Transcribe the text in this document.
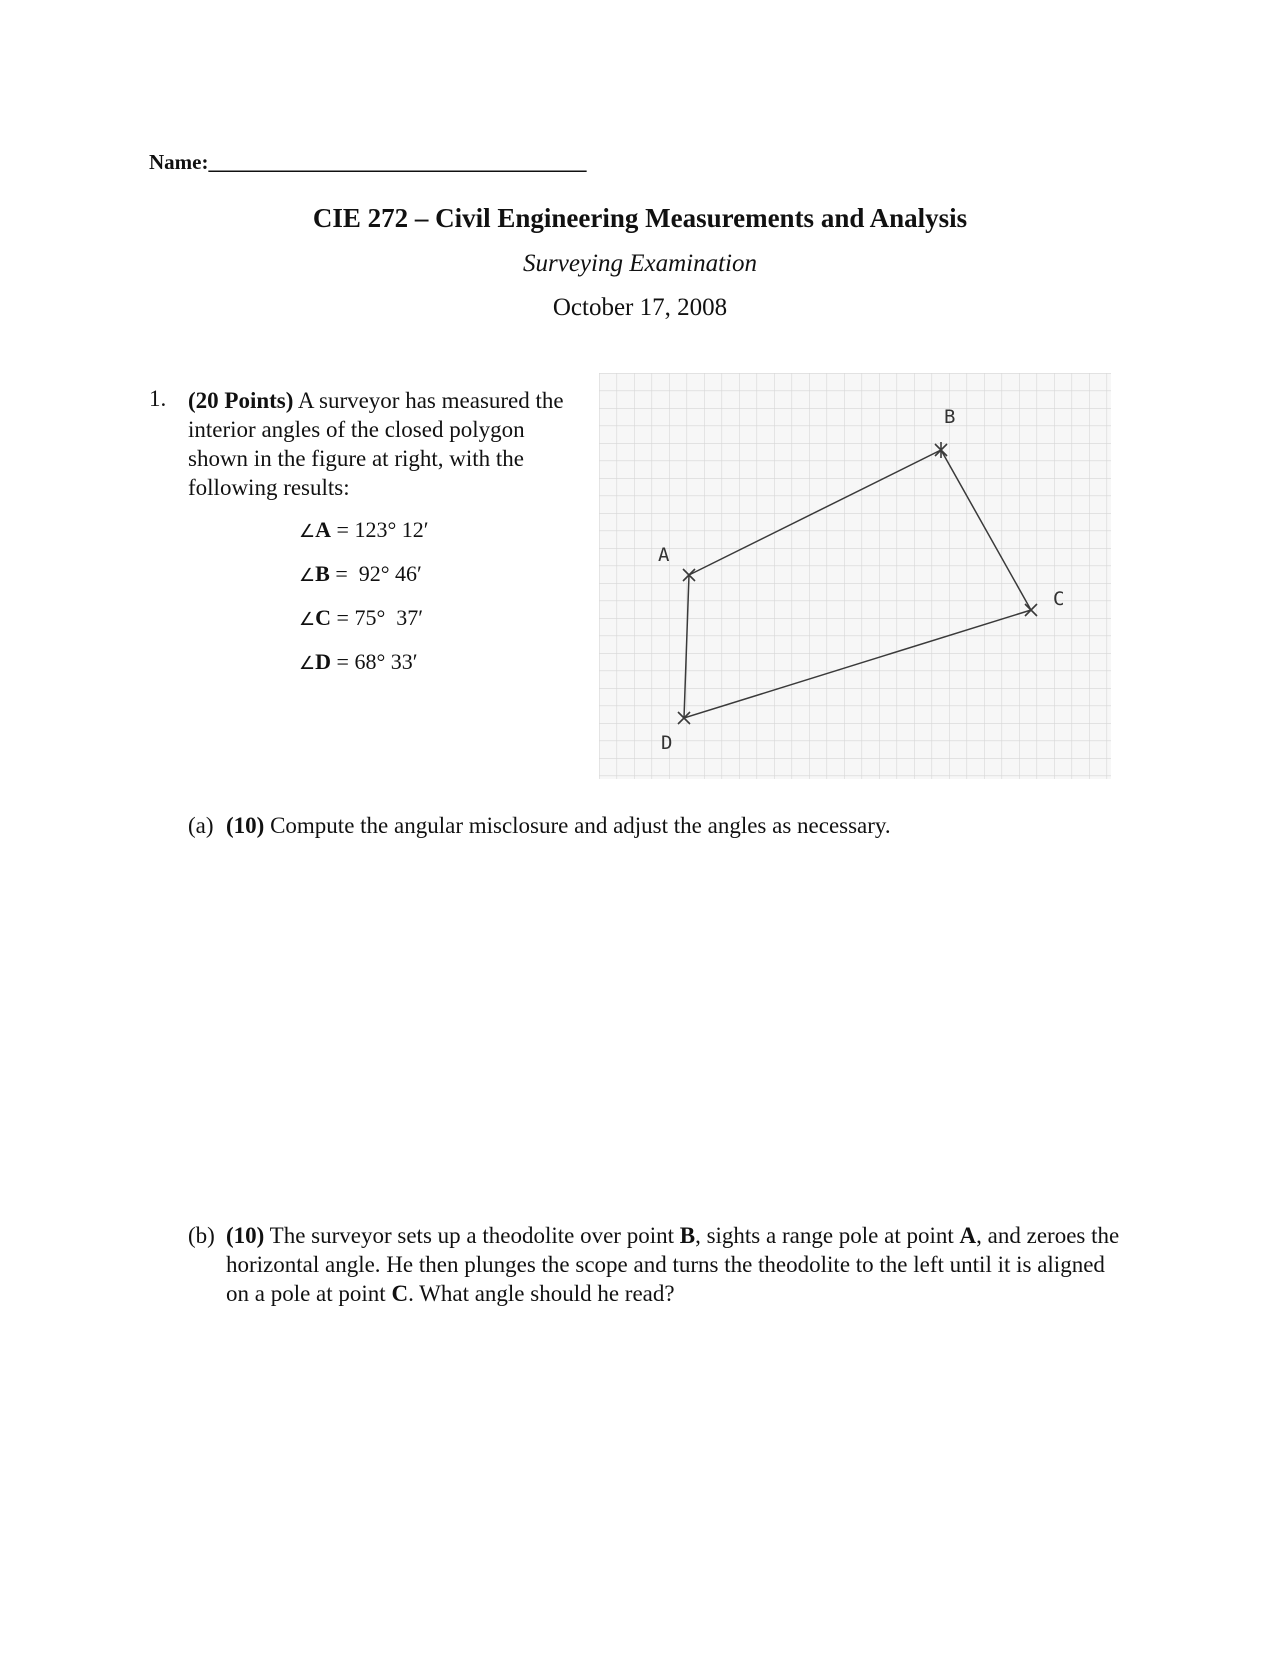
Name:____________________________________
CIE 272 – Civil Engineering Measurements and Analysis
Surveying Examination
October 17, 2008
1. (20 Points) A surveyor has measured the interior angles of the closed polygon shown in the figure at right, with the following results:
∠A = 123° 12′
∠B =  92° 46′
∠C = 75°  37′
∠D = 68° 33′
A
B
C
D
(a) (10) Compute the angular misclosure and adjust the angles as necessary.
(b) (10) The surveyor sets up a theodolite over point B, sights a range pole at point A, and zeroes the horizontal angle. He then plunges the scope and turns the theodolite to the left until it is aligned on a pole at point C. What angle should he read?
